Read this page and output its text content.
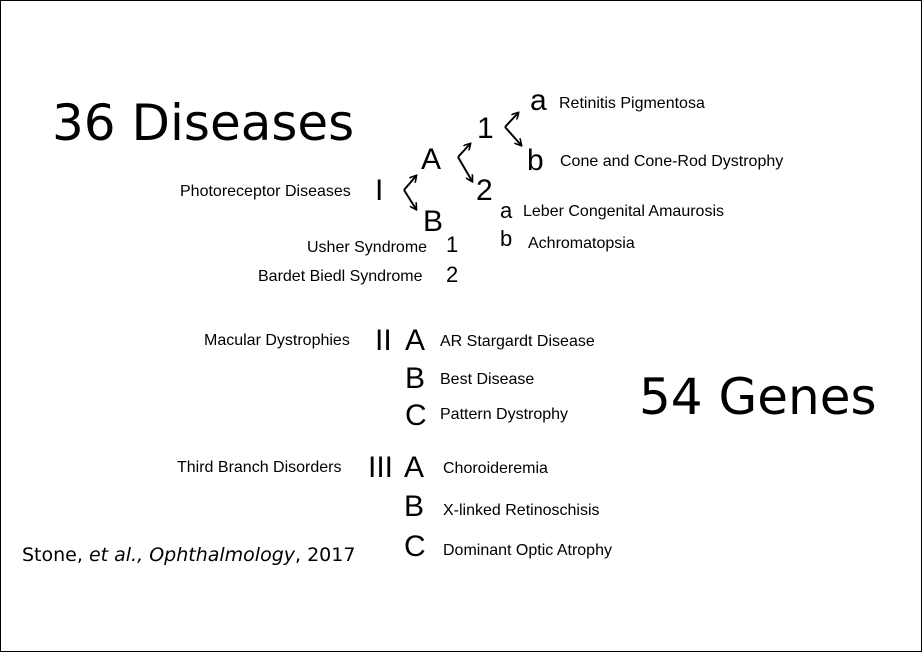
36 Diseases
54 Genes
Photoreceptor Diseases I
A
B
1
2
a Retinitis Pigmentosa
b Cone and Cone-Rod Dystrophy
a Leber Congenital Amaurosis
b Achromatopsia
Usher Syndrome 1
Bardet Biedl Syndrome 2
Macular Dystrophies II A AR Stargardt Disease
B Best Disease
C Pattern Dystrophy
Third Branch Disorders III A Choroideremia
B X-linked Retinoschisis
C Dominant Optic Atrophy
Stone, et al., Ophthalmology, 2017
